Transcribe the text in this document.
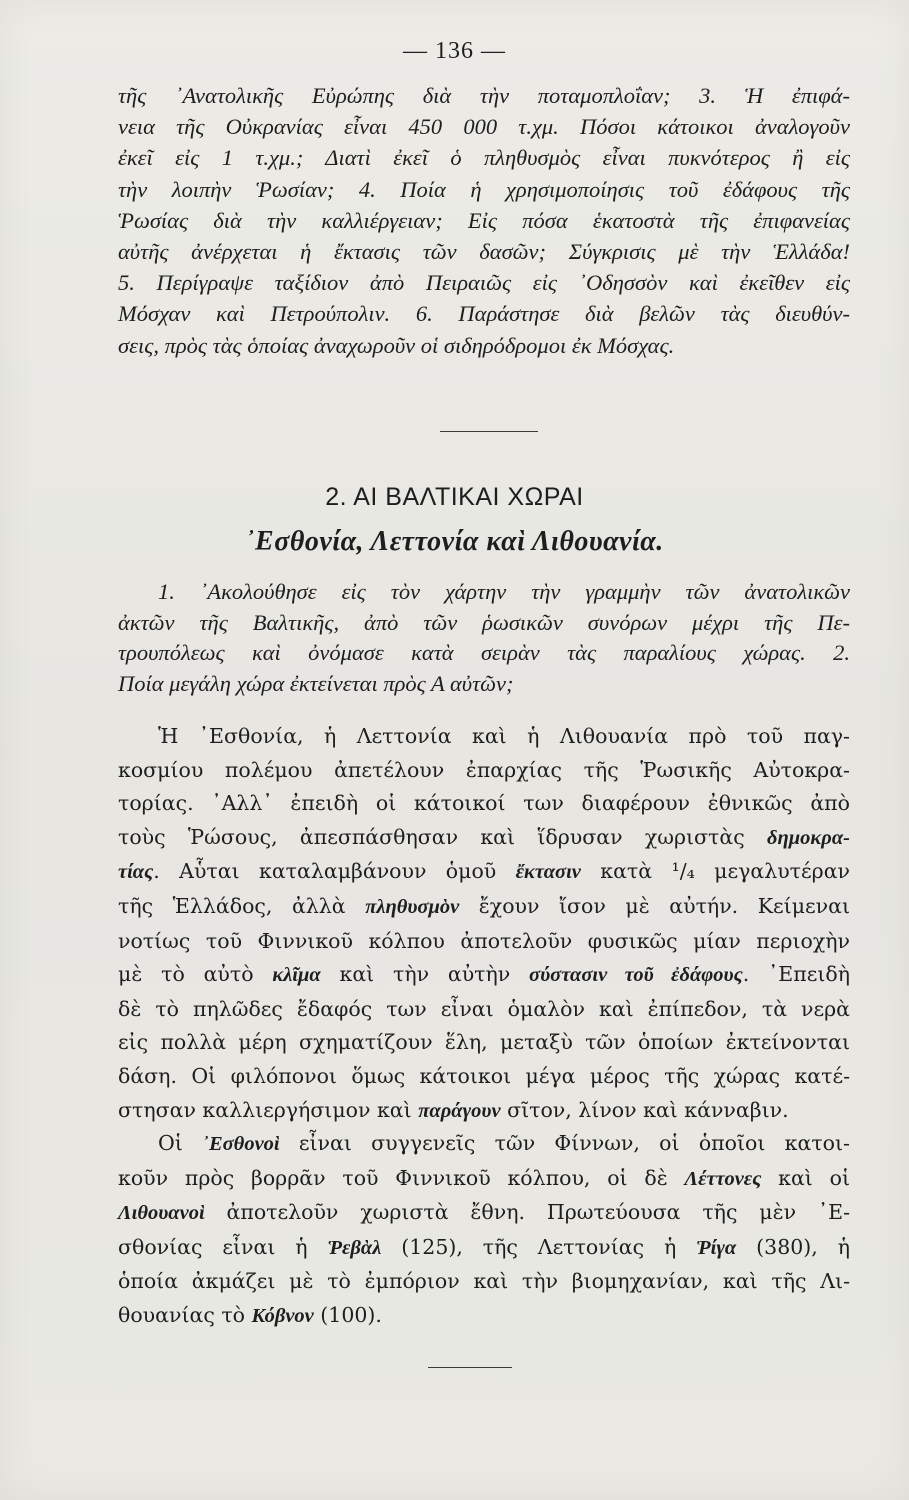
— 136 —
τῆς ᾿Ανατολικῆς Εὐρώπης διὰ τὴν ποταμοπλοΐαν; 3. Ἡ ἐπιφά-
νεια τῆς Οὐκρανίας εἶναι 450 000 τ.χμ. Πόσοι κάτοικοι ἀναλογοῦν
ἐκεῖ εἰς 1 τ.χμ.; Διατὶ ἐκεῖ ὁ πληθυσμὸς εἶναι πυκνότερος ἢ εἰς
τὴν λοιπὴν Ῥωσίαν; 4. Ποία ἡ χρησιμοποίησις τοῦ ἐδάφους τῆς
Ῥωσίας διὰ τὴν καλλιέργειαν; Εἰς πόσα ἑκατοστὰ τῆς ἐπιφανείας
αὐτῆς ἀνέρχεται ἡ ἔκτασις τῶν δασῶν; Σύγκρισις μὲ τὴν Ἑλλάδα!
5. Περίγραψε ταξίδιον ἀπὸ Πειραιῶς εἰς ᾿Οδησσὸν καὶ ἐκεῖθεν εἰς
Μόσχαν καὶ Πετρούπολιν. 6. Παράστησε διὰ βελῶν τὰς διευθύν-
σεις, πρὸς τὰς ὁποίας ἀναχωροῦν οἱ σιδηρόδρομοι ἐκ Μόσχας.
2. ΑΙ ΒΑΛΤΙΚΑΙ ΧΩΡΑΙ
᾿Εσθονία, Λεττονία καὶ Λιθουανία.
1. ᾿Ακολούθησε εἰς τὸν χάρτην τὴν γραμμὴν τῶν ἀνατολικῶν
ἀκτῶν τῆς Βαλτικῆς, ἀπὸ τῶν ῥωσικῶν συνόρων μέχρι τῆς Πε-
τρουπόλεως καὶ ὀνόμασε κατὰ σειρὰν τὰς παραλίους χώρας. 2.
Ποία μεγάλη χώρα ἐκτείνεται πρὸς Α αὐτῶν;
Ἡ ᾿Εσθονία, ἡ Λεττονία καὶ ἡ Λιθουανία πρὸ τοῦ παγ-
κοσμίου πολέμου ἀπετέλουν ἐπαρχίας τῆς Ῥωσικῆς Αὐτοκρα-
τορίας. ᾿Αλλ᾿ ἐπειδὴ οἱ κάτοικοί των διαφέρουν ἐθνικῶς ἀπὸ
τοὺς Ῥώσους, ἀπεσπάσθησαν καὶ ἵδρυσαν χωριστὰς δημοκρα-
τίας. Αὗται καταλαμβάνουν ὁμοῦ ἔκτασιν κατὰ ¹/₄ μεγαλυτέραν
τῆς Ἑλλάδος, ἀλλὰ πληθυσμὸν ἔχουν ἴσον μὲ αὐτήν. Κείμεναι
νοτίως τοῦ Φιννικοῦ κόλπου ἀποτελοῦν φυσικῶς μίαν περιοχὴν
μὲ τὸ αὐτὸ κλῖμα καὶ τὴν αὐτὴν σύστασιν τοῦ ἐδάφους. ᾿Επειδὴ
δὲ τὸ πηλῶδες ἔδαφός των εἶναι ὁμαλὸν καὶ ἐπίπεδον, τὰ νερὰ
εἰς πολλὰ μέρη σχηματίζουν ἕλη, μεταξὺ τῶν ὁποίων ἐκτείνονται
δάση. Οἱ φιλόπονοι ὅμως κάτοικοι μέγα μέρος τῆς χώρας κατέ-
στησαν καλλιεργήσιμον καὶ παράγουν σῖτον, λίνον καὶ κάνναβιν.
Οἱ ᾿Εσθονοὶ εἶναι συγγενεῖς τῶν Φίννων, οἱ ὁποῖοι κατοι-
κοῦν πρὸς βορρᾶν τοῦ Φιννικοῦ κόλπου, οἱ δὲ Λέττονες καὶ οἱ
Λιθουανοὶ ἀποτελοῦν χωριστὰ ἔθνη. Πρωτεύουσα τῆς μὲν ᾿Ε-
σθονίας εἶναι ἡ Ῥεβὰλ (125), τῆς Λεττονίας ἡ Ῥίγα (380), ἡ
ὁποία ἀκμάζει μὲ τὸ ἐμπόριον καὶ τὴν βιομηχανίαν, καὶ τῆς Λι-
θουανίας τὸ Κόβνον (100).
